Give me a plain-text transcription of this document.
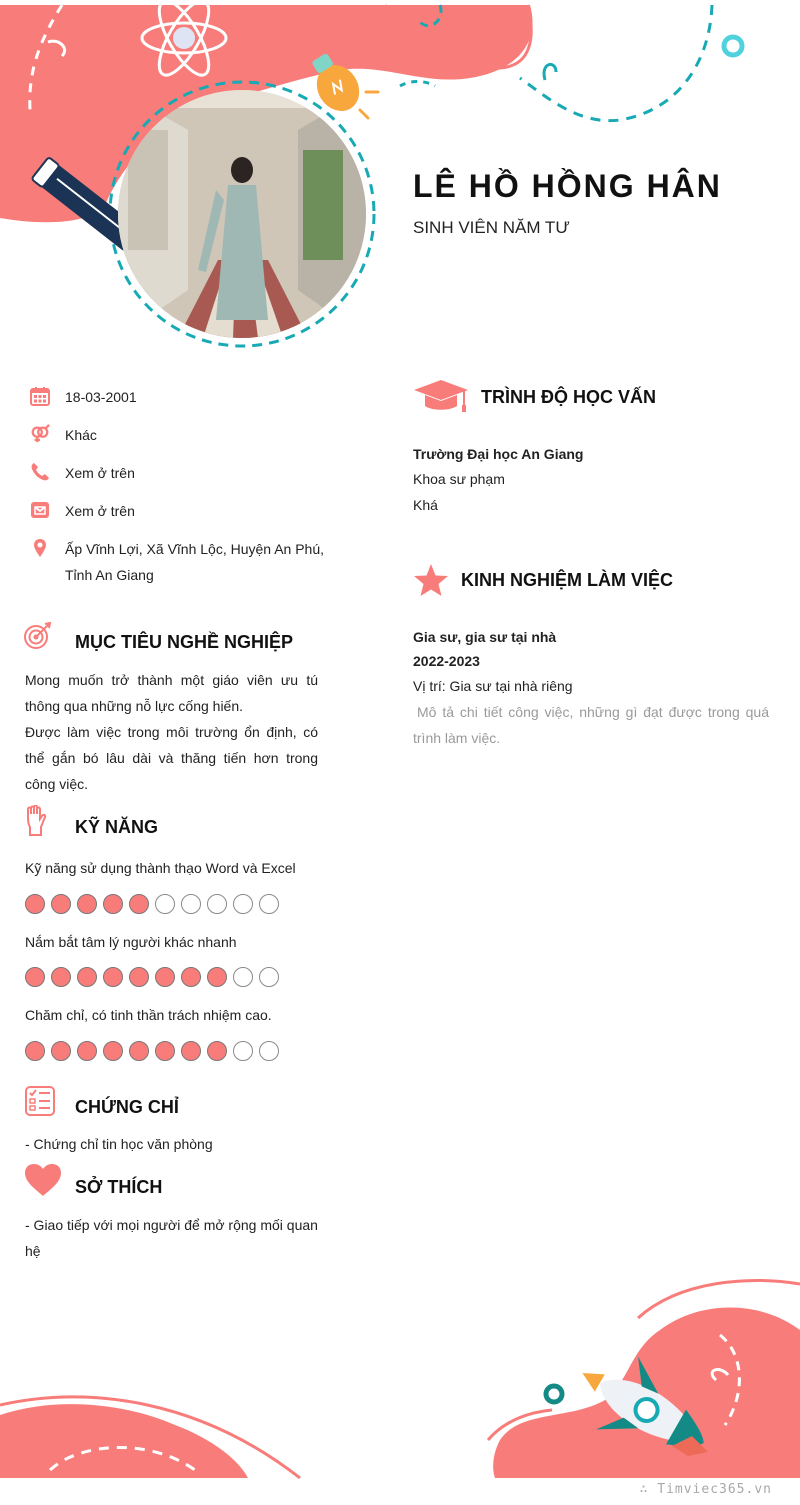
LÊ HỒ HỒNG HÂN
SINH VIÊN NĂM TƯ
18-03-2001
Khác
Xem ở trên
Xem ở trên
Ấp Vĩnh Lợi, Xã Vĩnh Lộc, Huyện An Phú, Tỉnh An Giang
MỤC TIÊU NGHỀ NGHIỆP
Mong muốn trở thành một giáo viên ưu tú thông qua những nỗ lực cống hiến.
Được làm việc trong môi trường ổn định, có thể gắn bó lâu dài và thăng tiến hơn trong công việc.
KỸ NĂNG
Kỹ năng sử dụng thành thạo Word và Excel
Nắm bắt tâm lý người khác nhanh
Chăm chỉ, có tinh thần trách nhiệm cao.
CHỨNG CHỈ
- Chứng chỉ tin học văn phòng
SỞ THÍCH
- Giao tiếp với mọi người để mở rộng mối quan hệ
TRÌNH ĐỘ HỌC VẤN
Trường Đại học An Giang
Khoa sư phạm
Khá
KINH NGHIỆM LÀM VIỆC
Gia sư, gia sư tại nhà
2022-2023
Vị trí: Gia sư tại nhà riêng
Mô tả chi tiết công việc, những gì đạt được trong quá trình làm việc.
∴ Timviec365.vn
